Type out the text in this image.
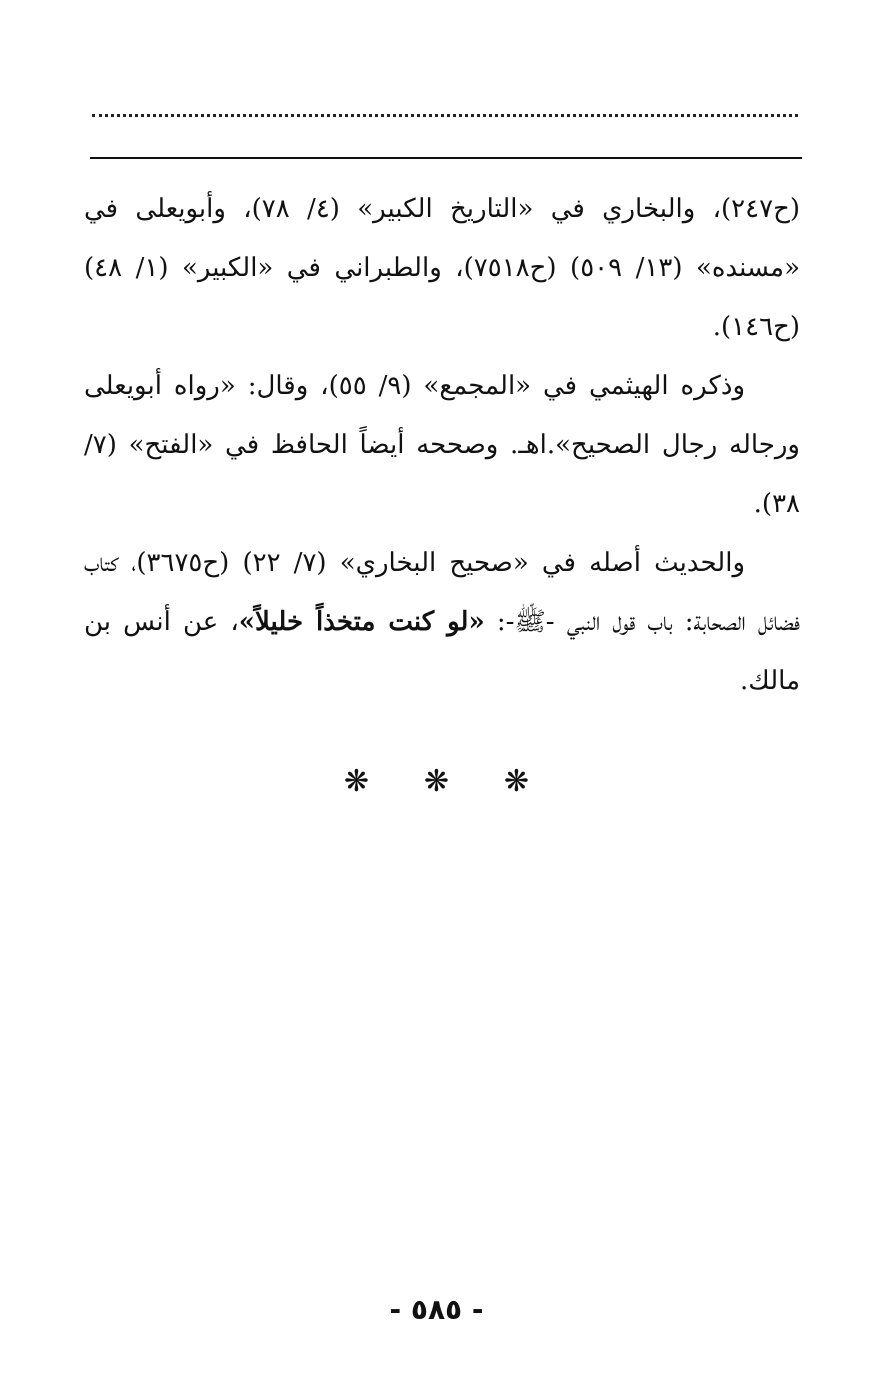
(ح٢٤٧)، والبخاري في «التاريخ الكبير» (٤/ ٧٨)، وأبويعلى في «مسنده» (١٣/ ٥٠٩) (ح٧٥١٨)، والطبراني في «الكبير» (١/ ٤٨) (ح١٤٦).

وذكره الهيثمي في «المجمع» (٩/ ٥٥)، وقال: «رواه أبويعلى ورجاله رجال الصحيح».اهـ. وصححه أيضاً الحافظ في «الفتح» (٧/ ٣٨).

والحديث أصله في «صحيح البخاري» (٧/ ٢٢) (ح٣٦٧٥)، كتاب فضائل الصحابة: باب قول النبي -ﷺ-: «لو كنت متخذاً خليلاً»، عن أنس بن مالك.

❋ ❋ ❋
- ٥٨٥ -
